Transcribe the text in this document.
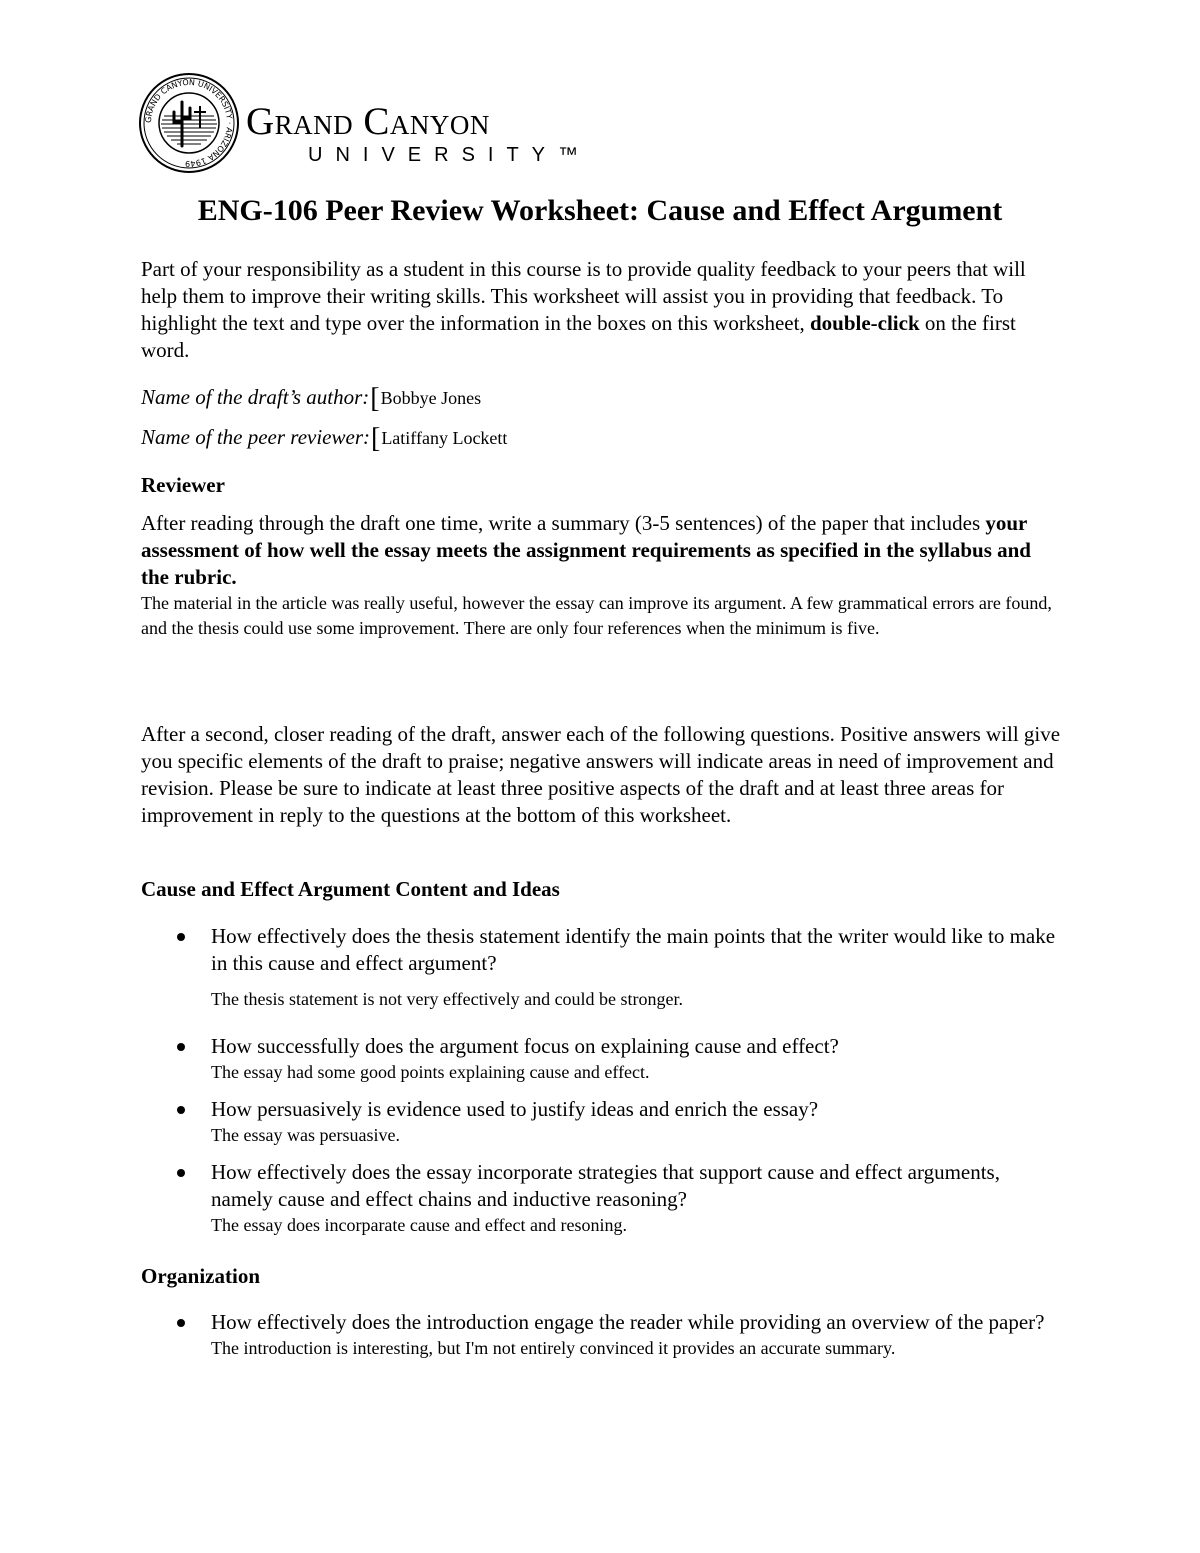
GRAND CANYON UNIVERSITY · ARIZONA 1949
Grand Canyon
UNIVERSITY™
ENG-106 Peer Review Worksheet: Cause and Effect Argument

Part of your responsibility as a student in this course is to provide quality feedback to your peers that will help them to improve their writing skills. This worksheet will assist you in providing that feedback. To highlight the text and type over the information in the boxes on this worksheet, double-click on the first word.

Name of the draft’s author:[Bobbye Jones
Name of the peer reviewer:[Latiffany Lockett

Reviewer

After reading through the draft one time, write a summary (3-5 sentences) of the paper that includes your assessment of how well the essay meets the assignment requirements as specified in the syllabus and the rubric.

The material in the article was really useful, however the essay can improve its argument. A few grammatical errors are found, and the thesis could use some improvement. There are only four references when the minimum is five.

After a second, closer reading of the draft, answer each of the following questions. Positive answers will give you specific elements of the draft to praise; negative answers will indicate areas in need of improvement and revision. Please be sure to indicate at least three positive aspects of the draft and at least three areas for improvement in reply to the questions at the bottom of this worksheet.

Cause and Effect Argument Content and Ideas

How effectively does the thesis statement identify the main points that the writer would like to make in this cause and effect argument?

The thesis statement is not very effectively and could be stronger.

How successfully does the argument focus on explaining cause and effect?

The essay had some good points explaining cause and effect.

How persuasively is evidence used to justify ideas and enrich the essay?

The essay was persuasive.

How effectively does the essay incorporate strategies that support cause and effect arguments, namely cause and effect chains and inductive reasoning?

The essay does incorparate cause and effect and resoning.

Organization

How effectively does the introduction engage the reader while providing an overview of the paper?

The introduction is interesting, but I'm not entirely convinced it provides an accurate summary.
